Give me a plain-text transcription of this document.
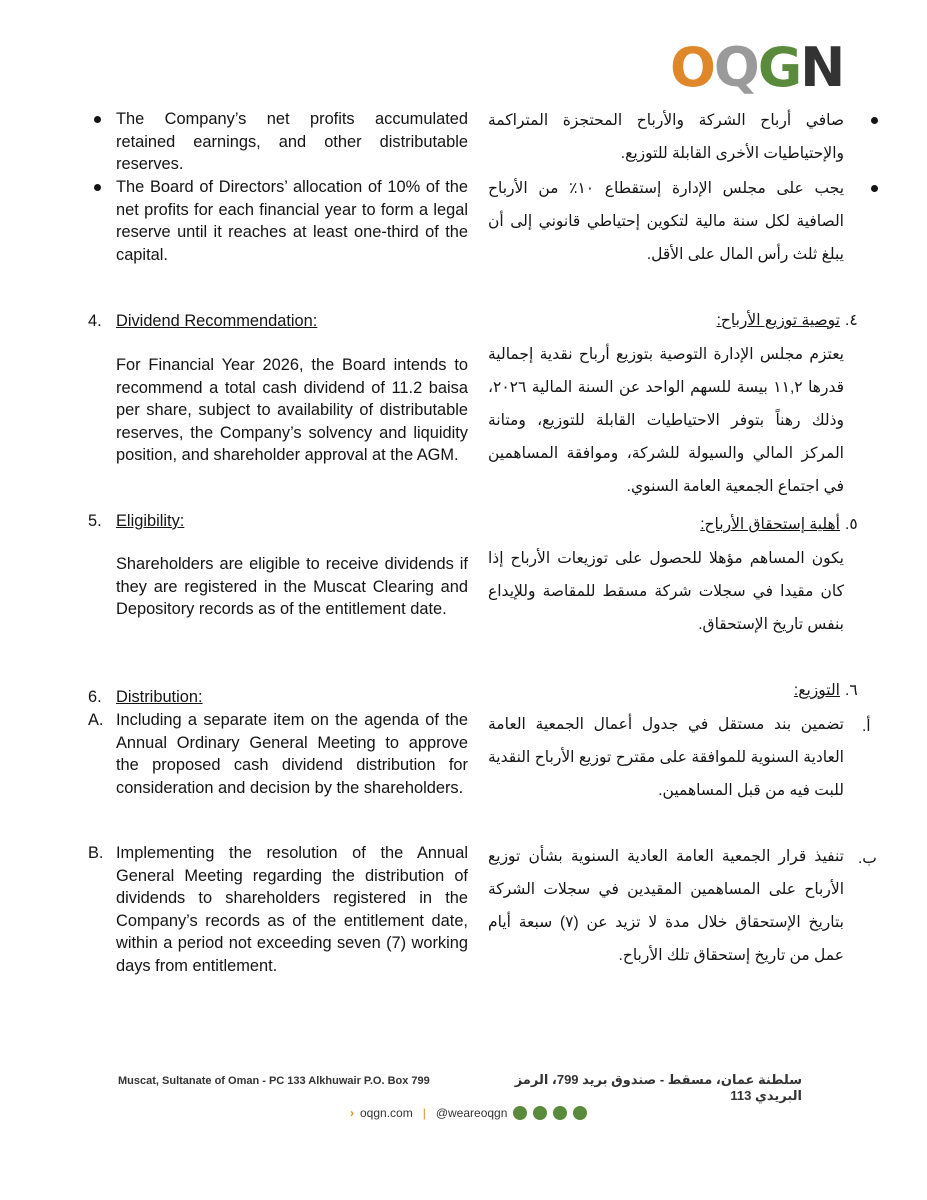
O Q G N
The Company’s net profits accumulated retained earnings, and other distributable reserves.
The Board of Directors’ allocation of 10% of the net profits for each financial year to form a legal reserve until it reaches at least one-third of the capital.
صافي أرباح الشركة والأرباح المحتجزة المتراكمة والإحتياطيات الأخرى القابلة للتوزيع.
يجب على مجلس الإدارة إستقطاع ١٠٪ من الأرباح الصافية لكل سنة مالية لتكوين إحتياطي قانوني إلى أن يبلغ ثلث رأس المال على الأقل.
4. Dividend Recommendation:
For Financial Year 2026, the Board intends to recommend a total cash dividend of 11.2 baisa per share, subject to availability of distributable reserves, the Company’s solvency and liquidity position, and shareholder approval at the AGM.
٤.
توصية توزيع الأرباح:
يعتزم مجلس الإدارة التوصية بتوزيع أرباح نقدية إجمالية قدرها ١١,٢ بيسة للسهم الواحد عن السنة المالية ٢٠٢٦، وذلك رهناً بتوفر الاحتياطيات القابلة للتوزيع، ومتانة المركز المالي والسيولة للشركة، وموافقة المساهمين في اجتماع الجمعية العامة السنوي.
5. Eligibility:
Shareholders are eligible to receive dividends if they are registered in the Muscat Clearing and Depository records as of the entitlement date.
٥.
أهلية إستحقاق الأرباح:
يكون المساهم مؤهلا للحصول على توزيعات الأرباح إذا كان مقيدا في سجلات شركة مسقط للمقاصة وللإيداع بنفس تاريخ الإستحقاق.
6. Distribution:	٦.
التوزيع:
A. Including a separate item on the agenda of the Annual Ordinary General Meeting to approve the proposed cash dividend distribution for consideration and decision by the shareholders.
أ.
تضمين بند مستقل في جدول أعمال الجمعية العامة العادية السنوية للموافقة على مقترح توزيع الأرباح النقدية للبت فيه من قبل المساهمين.
B. Implementing the resolution of the Annual General Meeting regarding the distribution of dividends to shareholders registered in the Company’s records as of the entitlement date, within a period not exceeding seven (7) working days from entitlement.
ب.
تنفيذ قرار الجمعية العامة العادية السنوية بشأن توزيع الأرباح على المساهمين المقيدين في سجلات الشركة بتاريخ الإستحقاق خلال مدة لا تزيد عن (٧) سبعة أيام عمل من تاريخ إستحقاق تلك الأرباح.
Muscat, Sultanate of Oman - PC 133 Alkhuwair P.O. Box 799	سلطنة عمان، مسقط - صندوق بريد 799، الرمز البريدي 113
› oqgn.com | @weareoqgn
